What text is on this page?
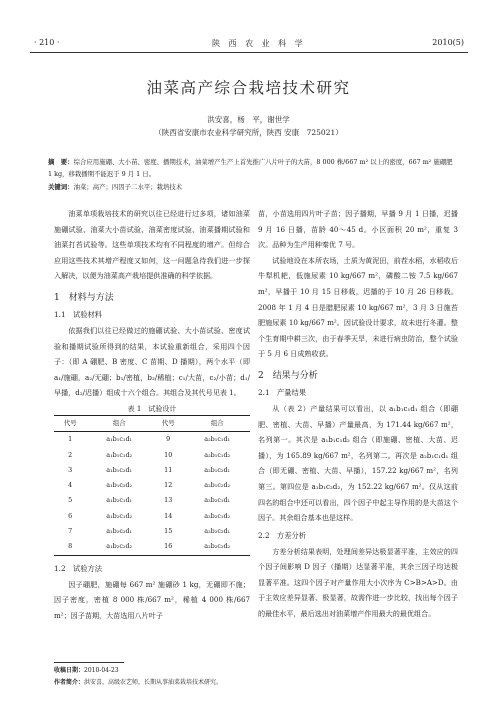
· 210 ·	陕 西 农 业 科 学	2010(5)
油菜高产综合栽培技术研究
洪安喜，杨　平，谢世学
（陕西省安康市农业科学研究所，陕西 安康　725021）
摘　要：综合应用施硼、大小苗、密度、播期技术，油菜增产生产上首先推广八片叶子的大苗，8 000 株/667 m² 以上的密度，667 m² 施硼肥 1 kg，移栽播期不能迟于 9 月 1 日。
关键词：油菜；高产；四因子二水平；栽培技术

油菜单项栽培技术的研究以往已经进行过多项，诸如油菜施硼试验、油菜大小苗试验、油菜密度试验、油菜播期试验和油菜打苔试验等。这些单项技术均有不同程度的增产。但综合应用这些技术其增产程度又如何，这一问题急待我们进一步探入解决，以便为油菜高产栽培提供准确的科学依据。

1　材料与方法
1.1　试验材料

依据我们以往已经做过的施硼试验、大小苗试验、密度试验和播期试验所得到的结果，本试验重新组合，采用四个因子：（即 A 硼肥、B 密度、C 苗期、D 播期），两个水平（即 a₁/施硼，a₂/无硼；b₁/密植，b₂/稀植；c₁/大苗，c₂/小苗；d₁/早播，d₂/迟播）组成十六个组合。其组合及其代号见表 1。

表 1　试验设计
代号	组合	代号	组合
1	a₁b₁c₁d₁	9	a₂b₁c₁d₁
2	a₁b₁c₁d₂	10	a₂b₁c₁d₂
3	a₁b₁c₂d₁	11	a₂b₁c₂d₁
4	a₁b₁c₂d₂	12	a₂b₁c₂d₂
5	a₁b₂c₁d₁	13	a₂b₂c₁d₁
6	a₁b₂c₁d₂	14	a₂b₂c₁d₂
7	a₁b₂c₂d₁	15	a₂b₂c₂d₁
8	a₁b₂c₂d₂	16	a₂b₂c₂d₂
1.2　试验方法

因子硼肥，施硼每 667 m² 施硼砂 1 kg，无硼即不施；因子密度，密植 8 000 株/667 m²，稀植 4 000 株/667 m²；因子苗期，大苗选用八片叶子

苗，小苗选用四片叶子苗；因子播期，早播 9 月 1 日播，迟播 9 月 16 日播，苗龄 40～45 d。小区面积 20 m²，重复 3 次。品种为生产用种秦优 7 号。

试验地设在本所农场，土质为黄泥田，前茬水稻，水稻收后牛犁机耙，低施尿素 10 kg/667 m²，磷酸二铵 7.5 kg/667 m²，早播于 10 月 15 日移栽，迟播的于 10 月 26 日移栽。2008 年 1 月 4 日是腊肥尿素 10 kg/667 m²，3 月 3 日施苔肥施尿素 10 kg/667 m²。因试验设计要求，故未进行冬灌。整个生育期中耕三次，由于春季天旱，未进行病虫防治，整个试验于 5 月 6 日成熟收获。

2　结果与分析
2.1　产量结果

从（表 2）产量结果可以看出，以 a₁b₁c₁d₁ 组合（即硼肥、密植、大苗、早播）产量最高，为 171.44 kg/667 m²，名列第一。其次是 a₁b₁c₁d₂ 组合（即施硼、密植、大苗、迟播），为 165.89 kg/667 m²，名列第二。再次是 a₂b₁c₁d₁ 组合（即无硼、密植、大苗、早播），157.22 kg/667 m²，名列第三。第四位是 a₁b₁c₂d₂，为 152.22 kg/667 m²。仅从这前四名的组合中还可以看出，四个因子中起主导作用的是大苗这个因子。其余组合基本也是这样。

2.2　方差分析

方差分析结果表明，处理间差异达极显著平准，主效应的四个因子间影响 D 因子（播期）达显著平准，其余三因子均达极显著平准。这四个因子对产量作用大小次序为 C>B>A>D。由于主效应差异显著、极显著，故需作进一步比较，找出每个因子的最佳水平，最后选出对油菜增产作用最大的最优组合。

收稿日期：2010-04-23
作者简介：洪安喜，高级农艺师，长期从事油菜栽培技术研究。
